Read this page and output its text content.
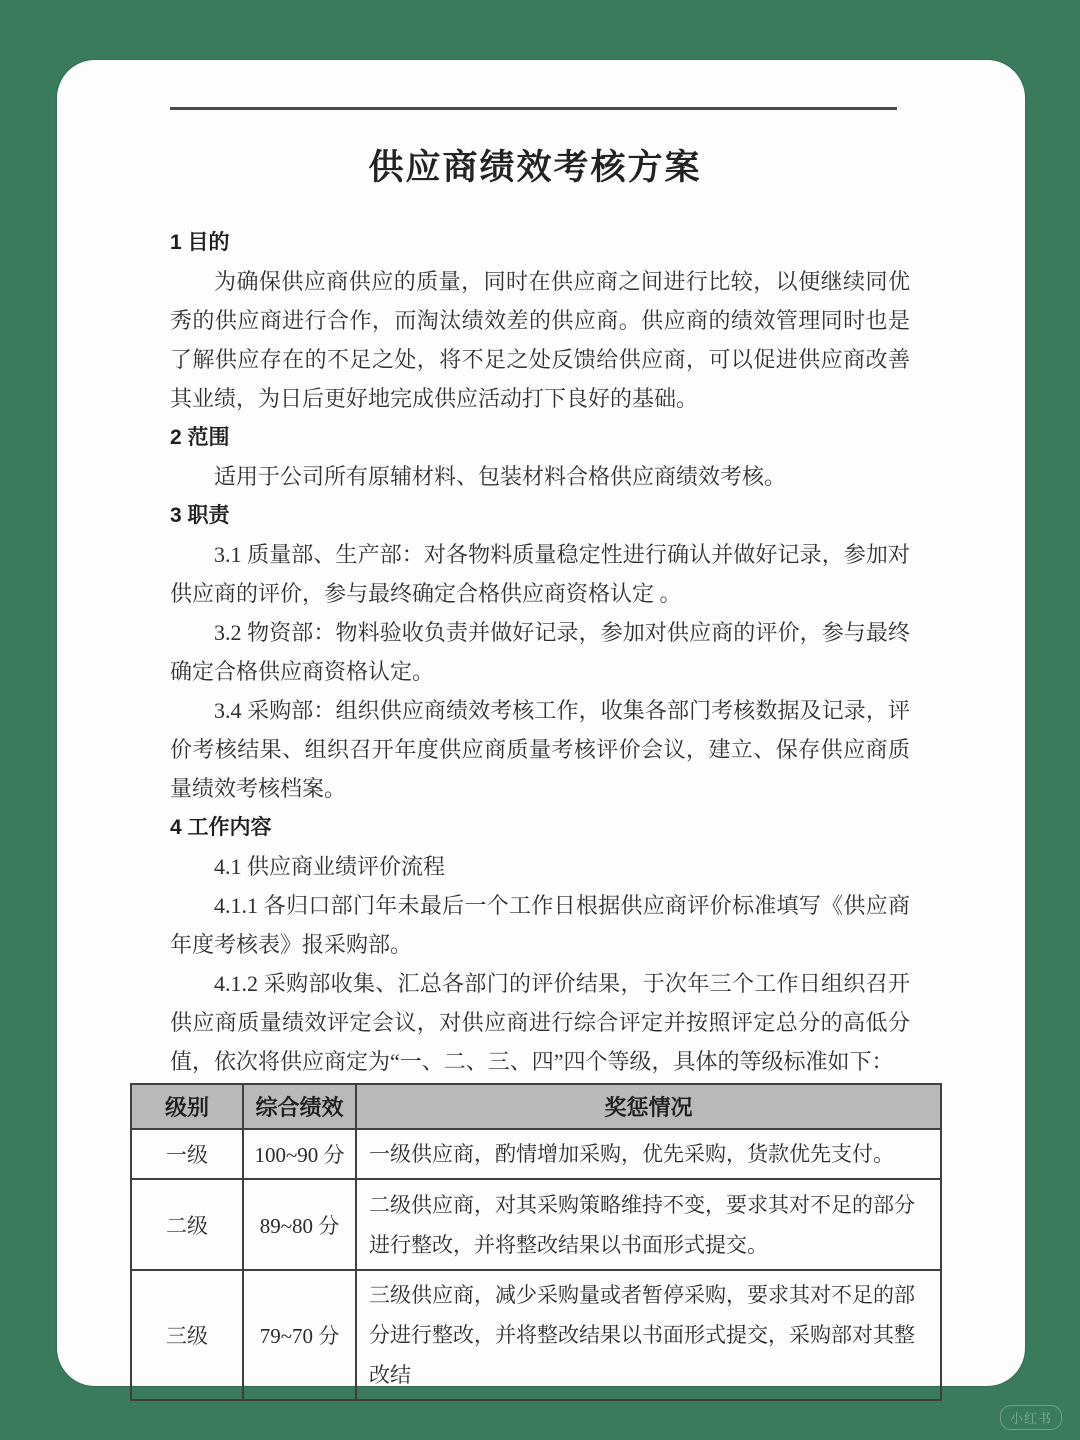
供应商绩效考核方案
1 目的

为确保供应商供应的质量，同时在供应商之间进行比较，以便继续同优秀的供应商进行合作，而淘汰绩效差的供应商。供应商的绩效管理同时也是了解供应存在的不足之处，将不足之处反馈给供应商，可以促进供应商改善其业绩，为日后更好地完成供应活动打下良好的基础。

2 范围

适用于公司所有原辅材料、包装材料合格供应商绩效考核。

3 职责

3.1 质量部、生产部：对各物料质量稳定性进行确认并做好记录，参加对供应商的评价，参与最终确定合格供应商资格认定 。

3.2 物资部：物料验收负责并做好记录，参加对供应商的评价，参与最终确定合格供应商资格认定。

3.4 采购部：组织供应商绩效考核工作，收集各部门考核数据及记录，评价考核结果、组织召开年度供应商质量考核评价会议，建立、保存供应商质量绩效考核档案。

4 工作内容

4.1 供应商业绩评价流程

4.1.1 各归口部门年未最后一个工作日根据供应商评价标准填写《供应商年度考核表》报采购部。

4.1.2 采购部收集、汇总各部门的评价结果，于次年三个工作日组织召开供应商质量绩效评定会议，对供应商进行综合评定并按照评定总分的高低分值，依次将供应商定为“一、二、三、四”四个等级，具体的等级标准如下：

级别	综合绩效	奖惩情况
一级	100~90 分	一级供应商，酌情增加采购，优先采购，货款优先支付。
二级	89~80 分	二级供应商，对其采购策略维持不变，要求其对不足的部分进行整改，并将整改结果以书面形式提交。
三级	79~70 分	三级供应商，减少采购量或者暂停采购，要求其对不足的部分进行整改，并将整改结果以书面形式提交，采购部对其整改结
小红书
